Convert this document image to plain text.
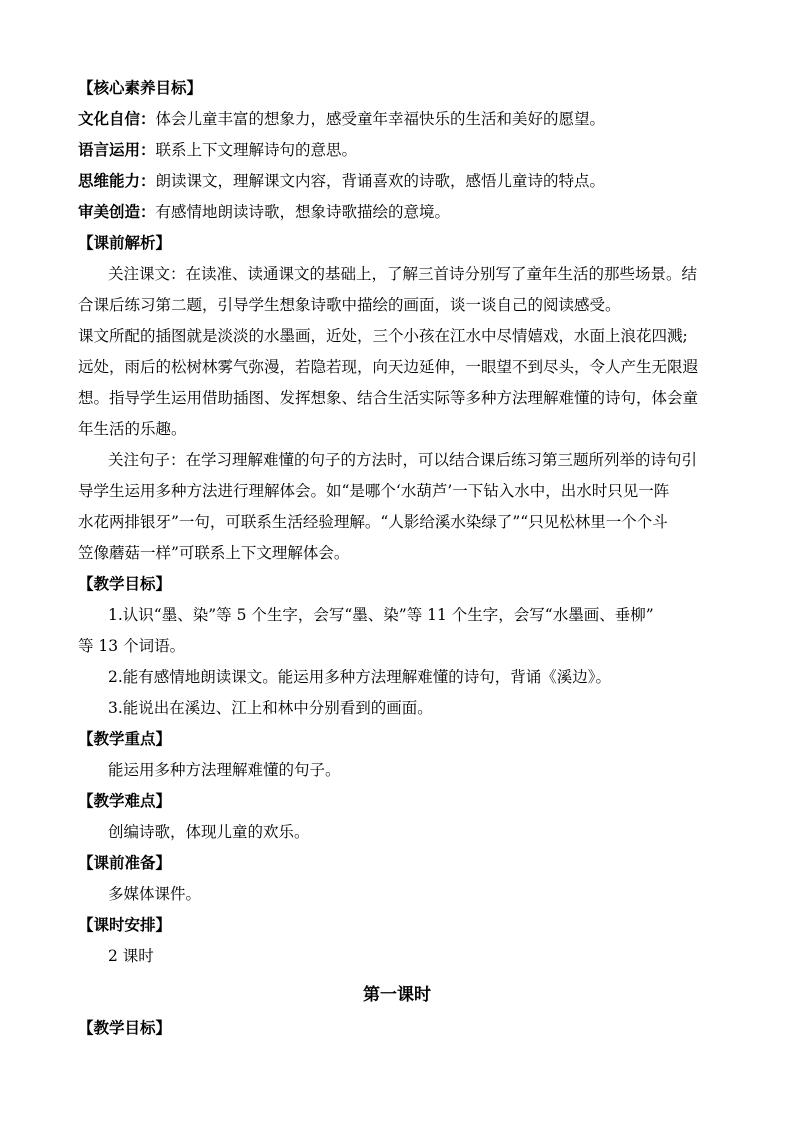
【核心素养目标】
文化自信：体会儿童丰富的想象力，感受童年幸福快乐的生活和美好的愿望。
语言运用：联系上下文理解诗句的意思。
思维能力：朗读课文，理解课文内容，背诵喜欢的诗歌，感悟儿童诗的特点。
审美创造：有感情地朗读诗歌，想象诗歌描绘的意境。
【课前解析】
关注课文：在读准、读通课文的基础上，了解三首诗分别写了童年生活的那些场景。结
合课后练习第二题，引导学生想象诗歌中描绘的画面，谈一谈自己的阅读感受。
课文所配的插图就是淡淡的水墨画，近处，三个小孩在江水中尽情嬉戏，水面上浪花四溅;
远处，雨后的松树林雾气弥漫，若隐若现，向天边延伸，一眼望不到尽头，令人产生无限遐
想。指导学生运用借助插图、发挥想象、结合生活实际等多种方法理解难懂的诗句，体会童
年生活的乐趣。
关注句子：在学习理解难懂的句子的方法时，可以结合课后练习第三题所列举的诗句引
导学生运用多种方法进行理解体会。如“是哪个‘水葫芦’一下钻入水中，出水时只见一阵
水花两排银牙”一句，可联系生活经验理解。“人影给溪水染绿了”“只见松林里一个个斗
笠像蘑菇一样”可联系上下文理解体会。
【教学目标】
1.认识“墨、染”等 5 个生字，会写“墨、染”等 11 个生字，会写“水墨画、垂柳”
等 13 个词语。
2.能有感情地朗读课文。能运用多种方法理解难懂的诗句，背诵《溪边》。
3.能说出在溪边、江上和林中分别看到的画面。
【教学重点】
能运用多种方法理解难懂的句子。
【教学难点】
创编诗歌，体现儿童的欢乐。
【课前准备】
多媒体课件。
【课时安排】
2 课时
第一课时
【教学目标】
